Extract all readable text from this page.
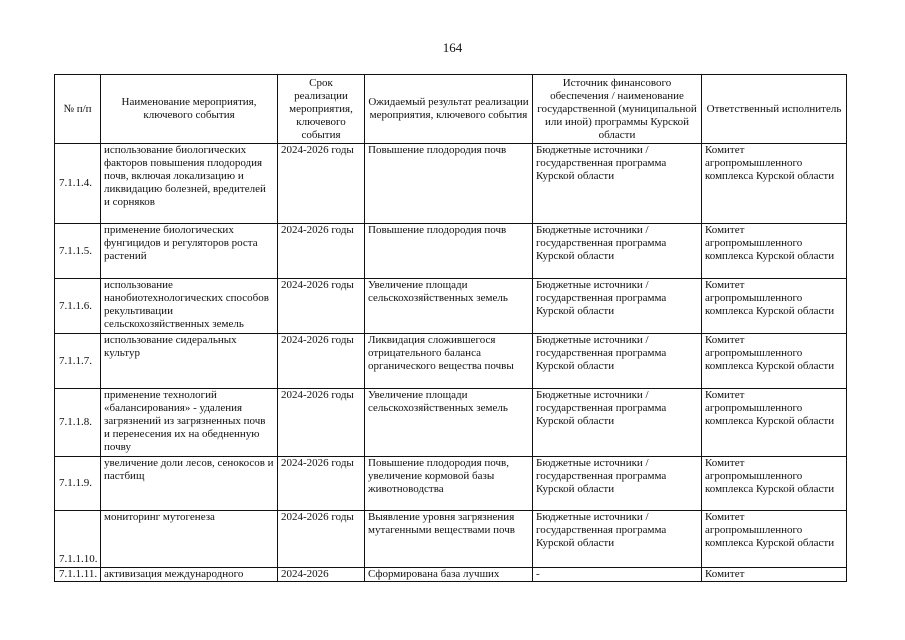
164
№ п/п	Наименование мероприятия, ключевого события	Срок реализации мероприятия, ключевого события	Ожидаемый результат реализации мероприятия, ключевого события	Источник финансового обеспечения / наименование государственной (муниципальной или иной) программы Курской области	Ответственный исполнитель
7.1.1.4.	использование биологических факторов повышения плодородия почв, включая локализацию и ликвидацию болезней, вредителей и сорняков	2024-2026 годы	Повышение плодородия почв	Бюджетные источники / государственная программа Курской области	Комитет агропромышленного комплекса Курской области
7.1.1.5.	применение биологических фунгицидов и регуляторов роста растений	2024-2026 годы	Повышение плодородия почв	Бюджетные источники / государственная программа Курской области	Комитет агропромышленного комплекса Курской области
7.1.1.6.	использование нанобиотехнологических способов рекультивации сельскохозяйственных земель	2024-2026 годы	Увеличение площади сельскохозяйственных земель	Бюджетные источники / государственная программа Курской области	Комитет агропромышленного комплекса Курской области
7.1.1.7.	использование сидеральных культур	2024-2026 годы	Ликвидация сложившегося отрицательного баланса органического вещества почвы	Бюджетные источники / государственная программа Курской области	Комитет агропромышленного комплекса Курской области
7.1.1.8.	применение технологий «балансирования» - удаления загрязнений из загрязненных почв и перенесения их на обедненную почву	2024-2026 годы	Увеличение площади сельскохозяйственных земель	Бюджетные источники / государственная программа Курской области	Комитет агропромышленного комплекса Курской области
7.1.1.9.	увеличение доли лесов, сенокосов и пастбищ	2024-2026 годы	Повышение плодородия почв, увеличение кормовой базы животноводства	Бюджетные источники / государственная программа Курской области	Комитет агропромышленного комплекса Курской области
7.1.1.10.	мониторинг мутогенеза	2024-2026 годы	Выявление уровня загрязнения мутагенными веществами почв	Бюджетные источники / государственная программа Курской области	Комитет агропромышленного комплекса Курской области
7.1.1.11.	активизация международного	2024-2026	Сформирована база лучших	-	Комитет
